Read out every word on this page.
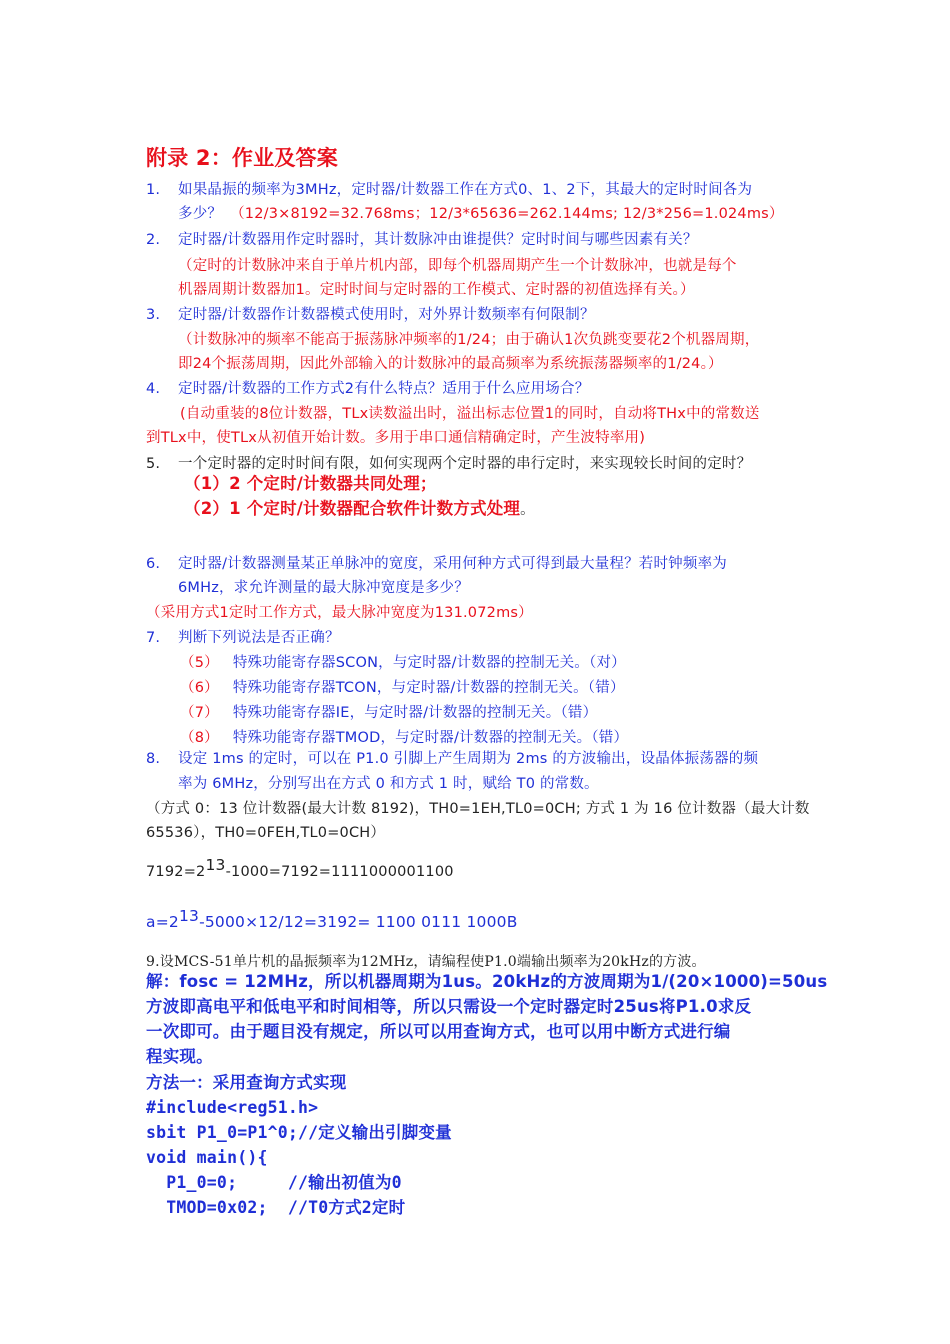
附录 2：作业及答案
1. 如果晶振的频率为3MHz，定时器/计数器工作在方式0、1、2下，其最大的定时时间各为
多少？ （12/3×8192=32.768ms；12/3*65636=262.144ms; 12/3*256=1.024ms）
2. 定时器/计数器用作定时器时，其计数脉冲由谁提供？定时时间与哪些因素有关？
（定时的计数脉冲来自于单片机内部，即每个机器周期产生一个计数脉冲，也就是每个
机器周期计数器加1。定时时间与定时器的工作模式、定时器的初值选择有关。）
3. 定时器/计数器作计数器模式使用时，对外界计数频率有何限制？
（计数脉冲的频率不能高于振荡脉冲频率的1/24；由于确认1次负跳变要花2个机器周期，
即24个振荡周期，因此外部输入的计数脉冲的最高频率为系统振荡器频率的1/24。）
4. 定时器/计数器的工作方式2有什么特点？适用于什么应用场合？
(自动重装的8位计数器，TLx读数溢出时，溢出标志位置1的同时，自动将THx中的常数送
到TLx中，使TLx从初值开始计数。多用于串口通信精确定时，产生波特率用)
5. 一个定时器的定时时间有限，如何实现两个定时器的串行定时，来实现较长时间的定时？
（1）2 个定时/计数器共同处理；
（2）1 个定时/计数器配合软件计数方式处理。
6. 定时器/计数器测量某正单脉冲的宽度，采用何种方式可得到最大量程？若时钟频率为
6MHz，求允许测量的最大脉冲宽度是多少？
（采用方式1定时工作方式，最大脉冲宽度为131.072ms）
7. 判断下列说法是否正确？
（5） 特殊功能寄存器SCON，与定时器/计数器的控制无关。（对）
（6） 特殊功能寄存器TCON，与定时器/计数器的控制无关。（错）
（7） 特殊功能寄存器IE，与定时器/计数器的控制无关。（错）
（8） 特殊功能寄存器TMOD，与定时器/计数器的控制无关。（错）
8. 设定 1ms 的定时，可以在 P1.0 引脚上产生周期为 2ms 的方波输出，设晶体振荡器的频
率为 6MHz，分别写出在方式 0 和方式 1 时，赋给 T0 的常数。
（方式 0：13 位计数器(最大计数 8192)，TH0=1EH,TL0=0CH; 方式 1 为 16 位计数器（最大计数
65536），TH0=0FEH,TL0=0CH）
$7192=2^{13}-1000=7192=1111000001100$
$a=2^{13}-5000\times 12/12=3192= 1100$ 0111 1000B
9.设MCS-51单片机的晶振频率为12MHz，请编程使P1.0端输出频率为20kHz的方波。
解：fosc = 12MHz，所以机器周期为1us。20kHz的方波周期为1/(20×1000)=50us
方波即高电平和低电平和时间相等，所以只需设一个定时器定时25us将P1.0求反
一次即可。由于题目没有规定，所以可以用查询方式，也可以用中断方式进行编
程实现。
方法一：采用查询方式实现
#include<reg51.h>
sbit P1_0=P1^0;//定义输出引脚变量
void main(){
P1_0=0;     //输出初值为0
TMOD=0x02;  //T0方式2定时
